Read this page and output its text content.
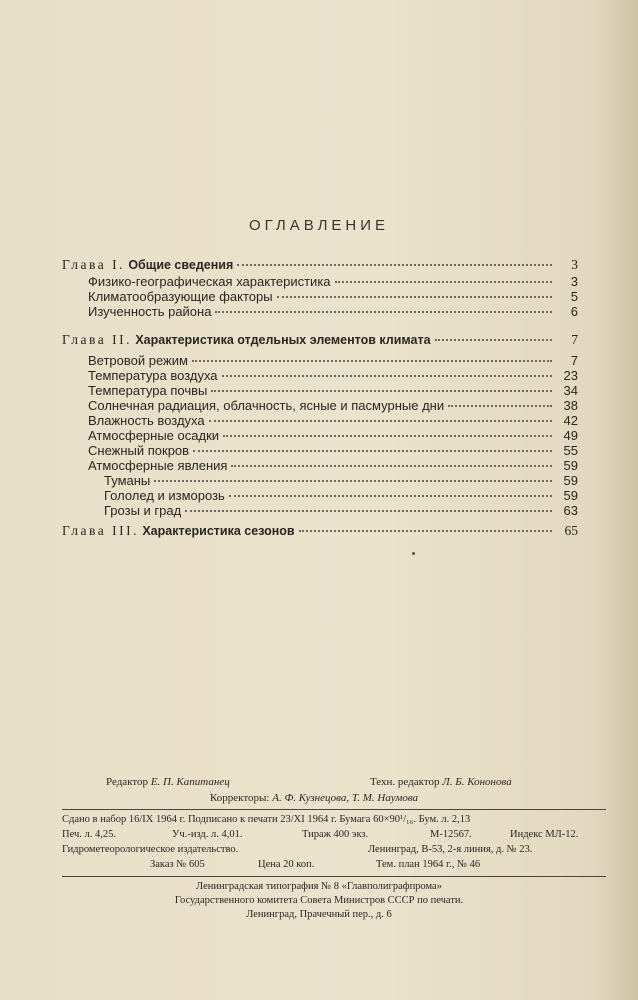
ОГЛАВЛЕНИЕ
Глава I. Общие сведения	3
Физико-географическая характеристика	3
Климатообразующие факторы	5
Изученность района	6
Глава II. Характеристика отдельных элементов климата	7
Ветровой режим	7
Температура воздуха	23
Температура почвы	34
Солнечная радиация, облачность, ясные и пасмурные дни	38
Влажность воздуха	42
Атмосферные осадки	49
Снежный покров	55
Атмосферные явления	59
Туманы	59
Гололед и изморозь	59
Грозы и град	63
Глава III. Характеристика сезонов	65
Редактор Е. П. Капитанец	Техн. редактор Л. Б. Кононова
Корректоры: А. Ф. Кузнецова, Т. М. Наумова
Сдано в набор 16/IX 1964 г. Подписано к печати 23/XI 1964 г. Бумага 60×90¹/₁₆. Бум. л. 2,13
Печ. л. 4,25.	Уч.-изд. л. 4,01.	Тираж 400 экз.	М-12567.	Индекс МЛ-12.
Гидрометеорологическое издательство.	Ленинград, В-53, 2-я линия, д. № 23.
Заказ № 605	Цена 20 коп.	Тем. план 1964 г., № 46
Ленинградская типография № 8 «Главполиграфпрома»
Государственного комитета Совета Министров СССР по печати.
Ленинград, Прачечный пер., д. 6
